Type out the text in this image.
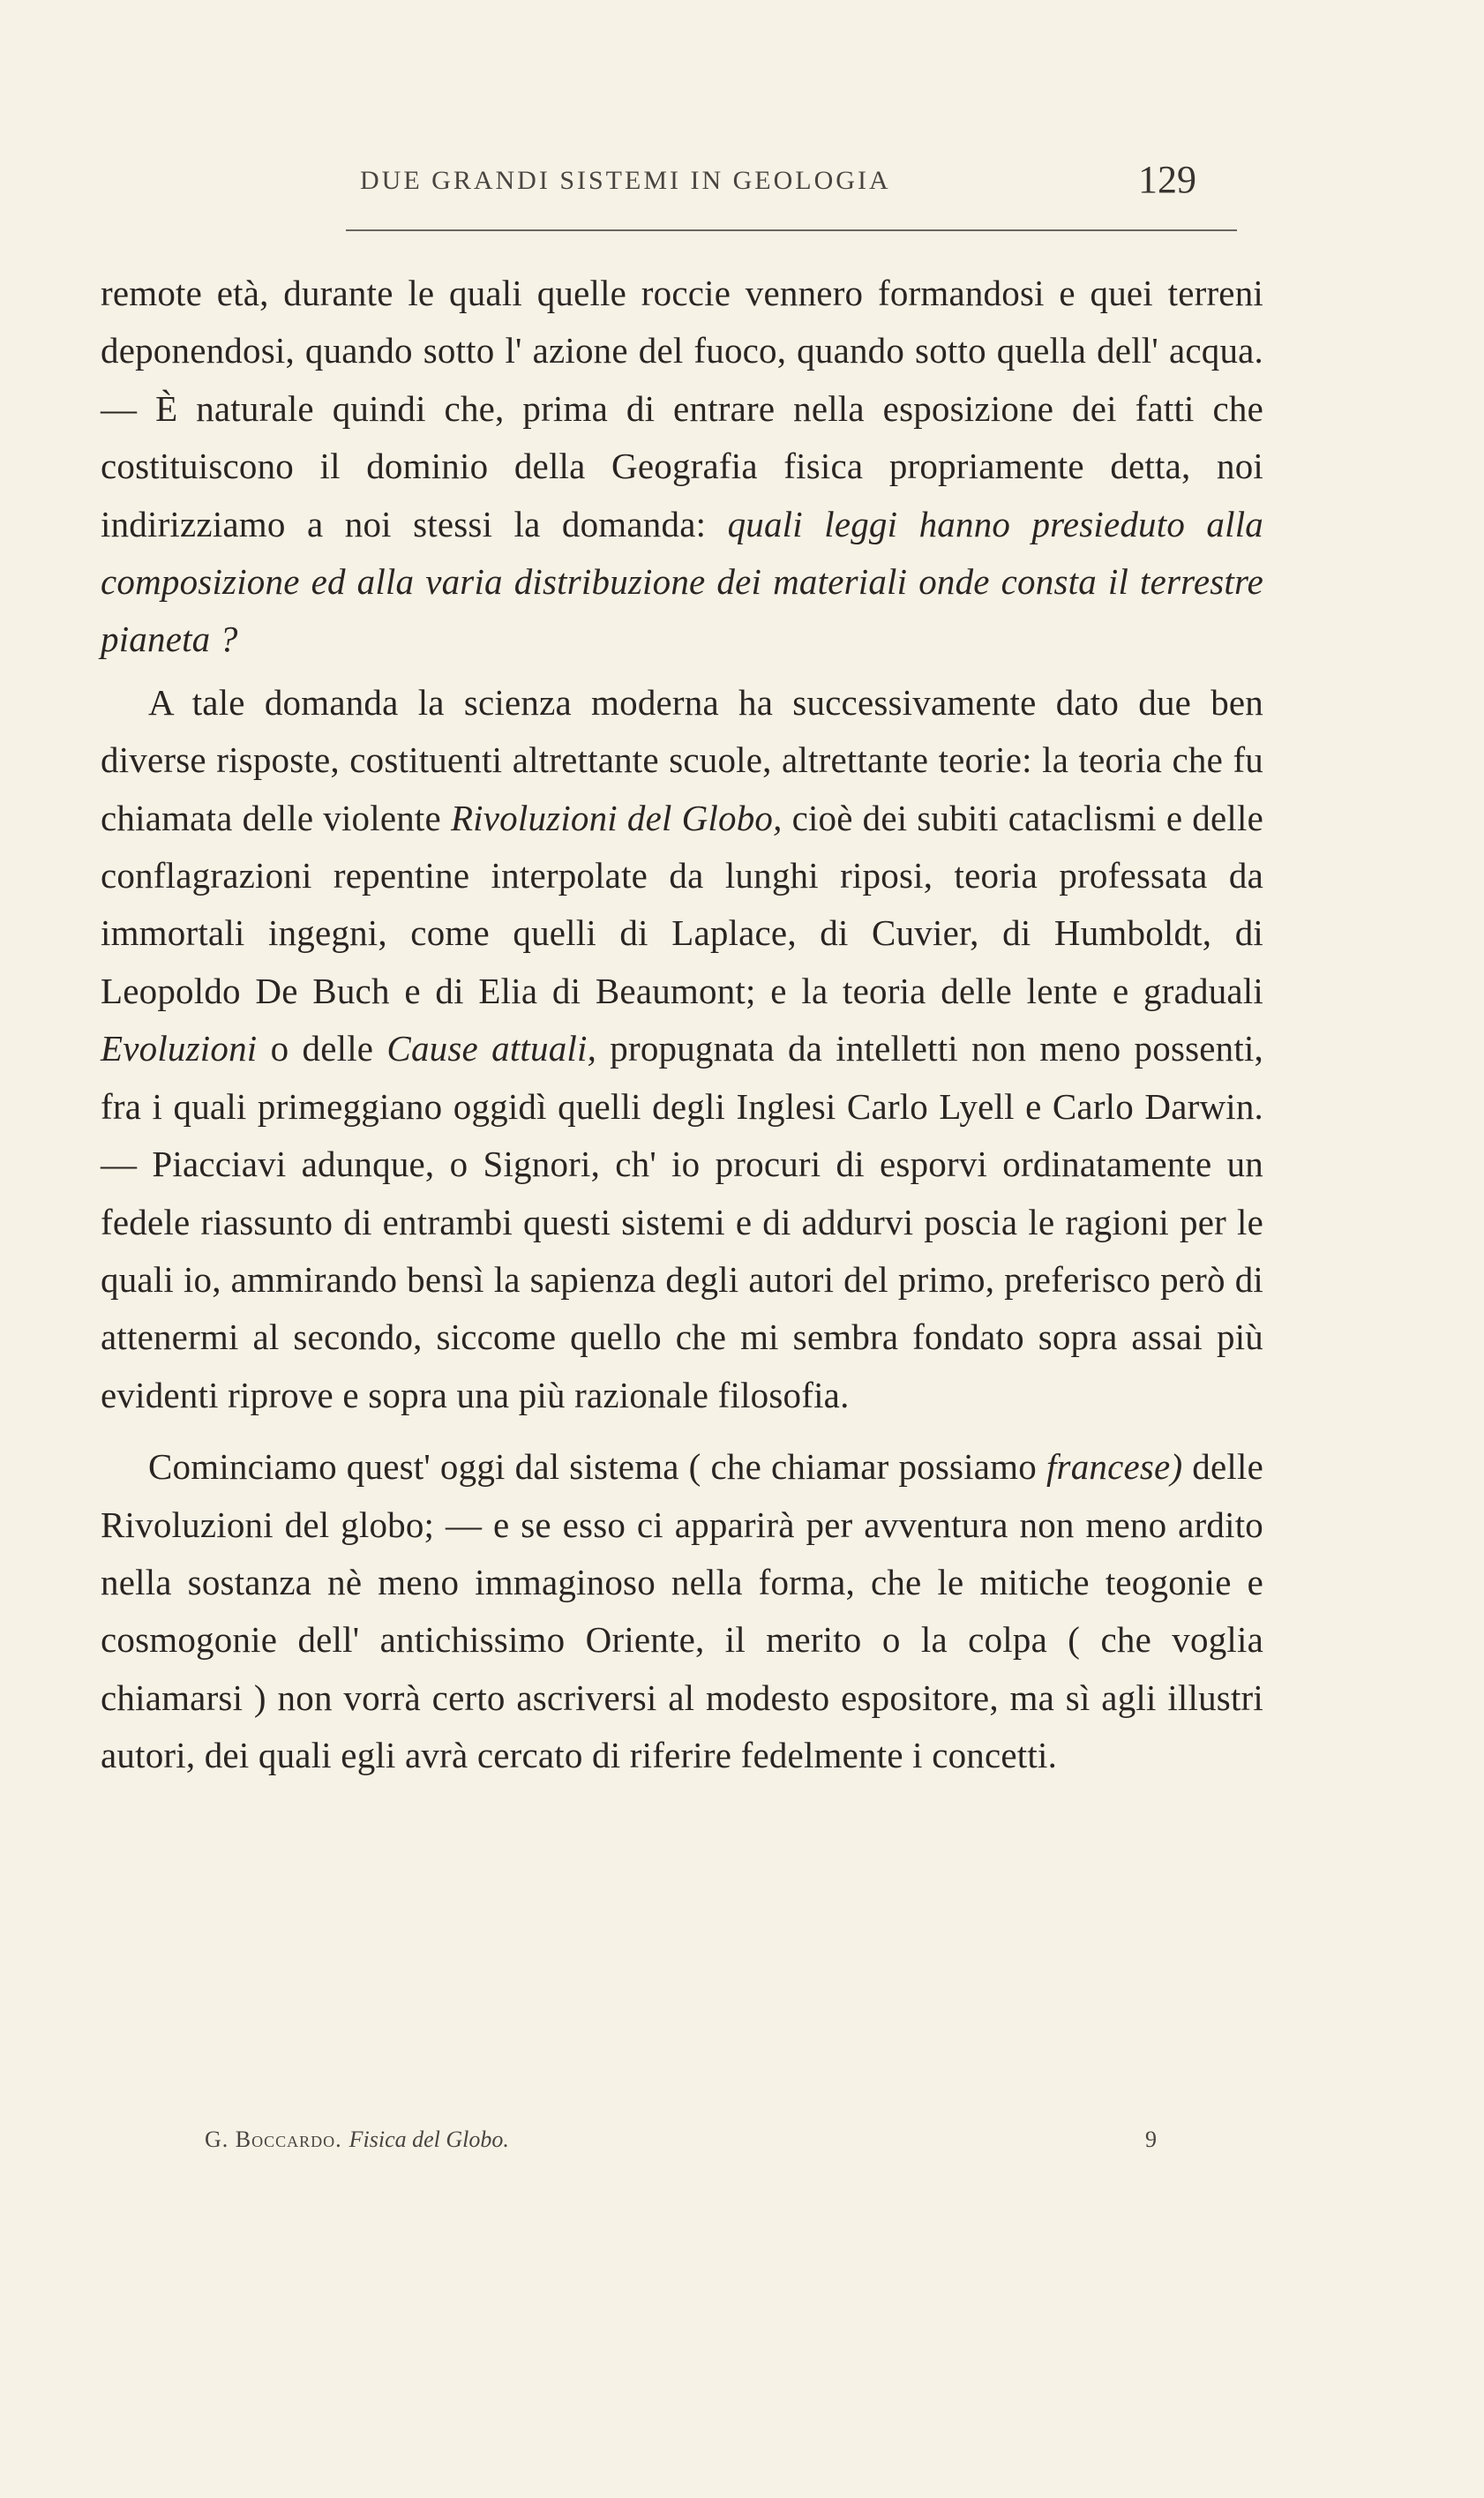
DUE GRANDI SISTEMI IN GEOLOGIA	129

remote età, durante le quali quelle roccie vennero formandosi e quei terreni deponendosi, quando sotto l' azione del fuoco, quando sotto quella dell' acqua. — È naturale quindi che, prima di entrare nella esposizione dei fatti che costituiscono il dominio della Geografia fisica propriamente detta, noi indirizziamo a noi stessi la domanda: quali leggi hanno presieduto alla composizione ed alla varia distribuzione dei materiali onde consta il terrestre pianeta ?

A tale domanda la scienza moderna ha successivamente dato due ben diverse risposte, costituenti altrettante scuole, altrettante teorie: la teoria che fu chiamata delle violente Rivoluzioni del Globo, cioè dei subiti cataclismi e delle conflagrazioni repentine interpolate da lunghi riposi, teoria professata da immortali ingegni, come quelli di Laplace, di Cuvier, di Humboldt, di Leopoldo De Buch e di Elia di Beaumont; e la teoria delle lente e graduali Evoluzioni o delle Cause attuali, propugnata da intelletti non meno possenti, fra i quali primeggiano oggidì quelli degli Inglesi Carlo Lyell e Carlo Darwin. — Piacciavi adunque, o Signori, ch' io procuri di esporvi ordinatamente un fedele riassunto di entrambi questi sistemi e di addurvi poscia le ragioni per le quali io, ammirando bensì la sapienza degli autori del primo, preferisco però di attenermi al secondo, siccome quello che mi sembra fondato sopra assai più evidenti riprove e sopra una più razionale filosofia.

Cominciamo quest' oggi dal sistema ( che chiamar possiamo francese) delle Rivoluzioni del globo; — e se esso ci apparirà per avventura non meno ardito nella sostanza nè meno immaginoso nella forma, che le mitiche teogonie e cosmogonie dell' antichissimo Oriente, il merito o la colpa ( che voglia chiamarsi ) non vorrà certo ascriversi al modesto espositore, ma sì agli illustri autori, dei quali egli avrà cercato di riferire fedelmente i concetti.

G. Boccardo. Fisica del Globo.	9
